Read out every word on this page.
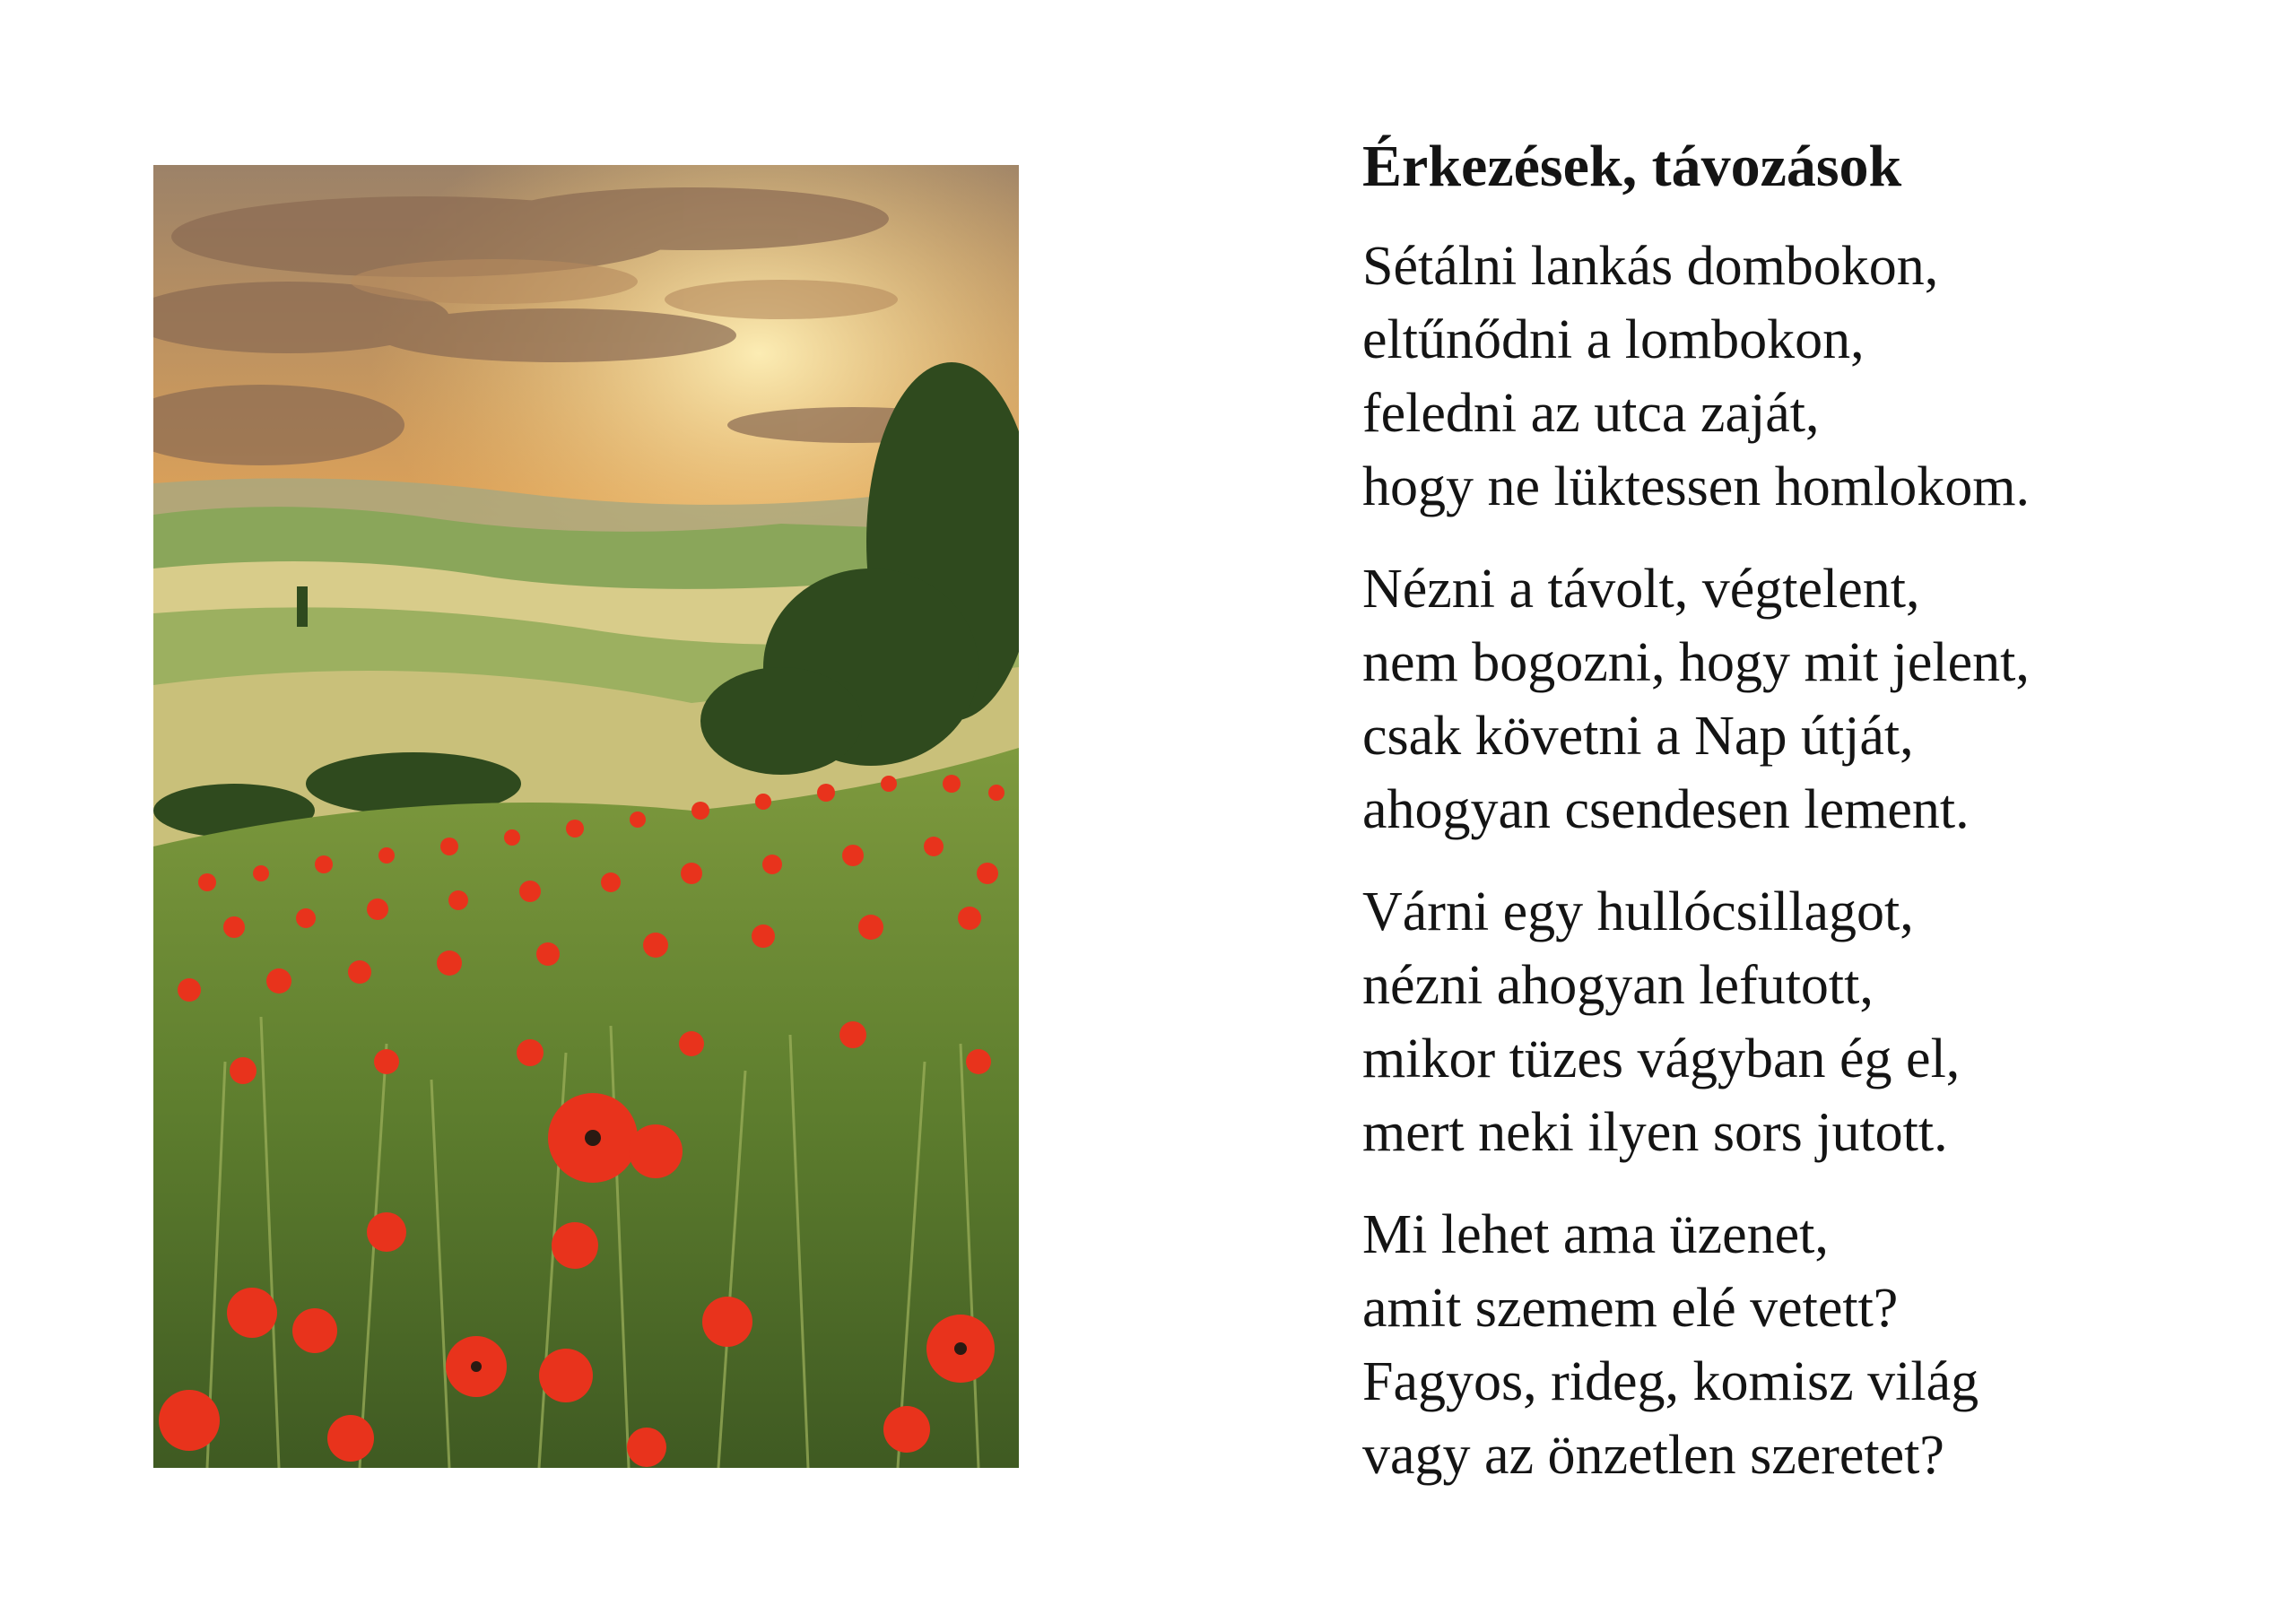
Érkezések, távozások
Sétálni lankás dombokon,
eltűnődni a lombokon,
feledni az utca zaját,
hogy ne lüktessen homlokom.
Nézni a távolt, végtelent,
nem bogozni, hogy mit jelent,
csak követni a Nap útját,
ahogyan csendesen lement.
Várni egy hullócsillagot,
nézni ahogyan lefutott,
mikor tüzes vágyban ég el,
mert neki ilyen sors jutott.
Mi lehet ama üzenet,
amit szemem elé vetett?
Fagyos, rideg, komisz világ
vagy az önzetlen szeretet?
